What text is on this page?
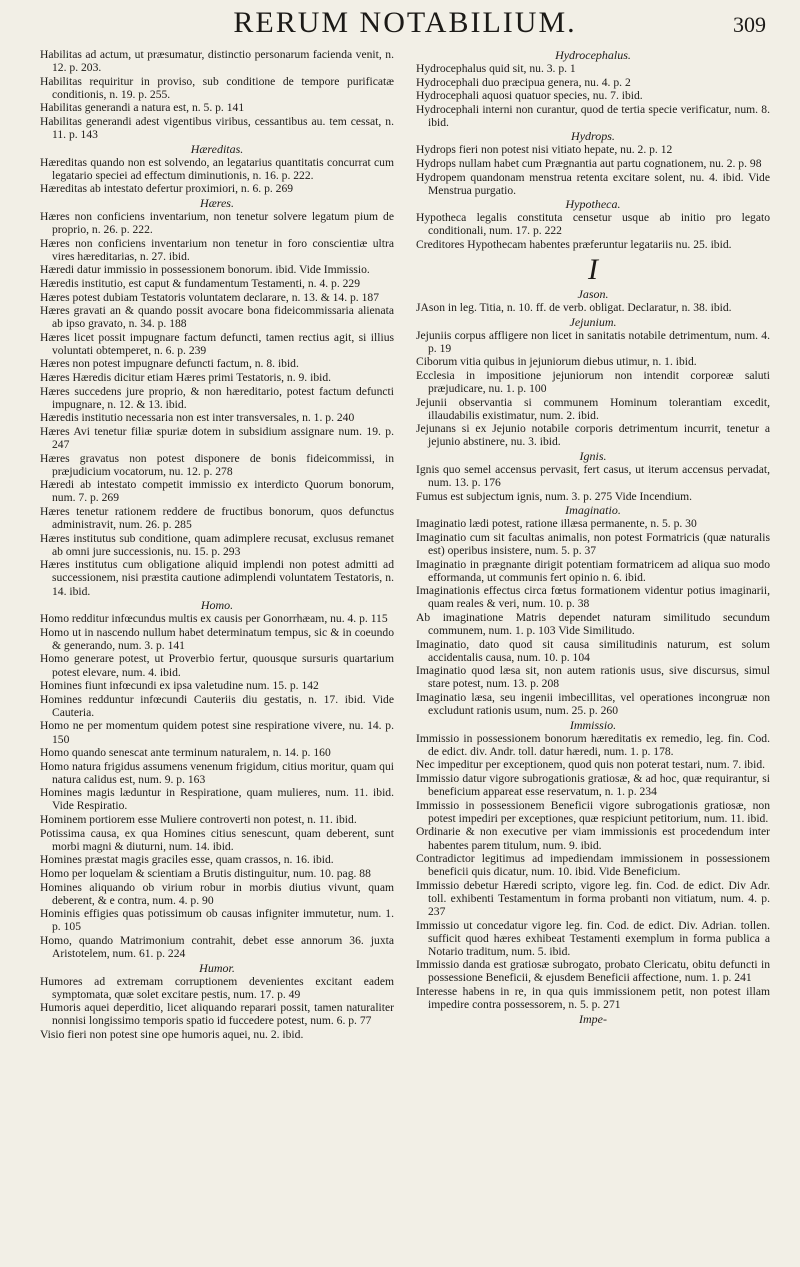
RERUM NOTABILIUM.	309

Habilitas ad actum, ut præsumatur, distinctio personarum facienda venit, n. 12. p. 203.

Habilitas requiritur in proviso, sub conditione de tempore purificatæ conditionis, n. 19. p. 255.

Habilitas generandi a natura est, n. 5. p. 141

Habilitas generandi adest vigentibus viribus, cessantibus au. tem cessat, n. 11. p. 143

Hæreditas.

Hæreditas quando non est solvendo, an legatarius quantitatis concurrat cum legatario speciei ad effectum diminutionis, n. 16. p. 222.

Hæreditas ab intestato defertur proximiori, n. 6. p. 269

Hæres.

Hæres non conficiens inventarium, non tenetur solvere legatum pium de proprio, n. 26. p. 222.

Hæres non conficiens inventarium non tenetur in foro conscientiæ ultra vires hæreditarias, n. 27. ibid.

Hæredi datur immissio in possessionem bonorum. ibid. Vide Immissio.

Hæredis institutio, est caput & fundamentum Testamenti, n. 4. p. 229

Hæres potest dubiam Testatoris voluntatem declarare, n. 13. & 14. p. 187

Hæres gravati an & quando possit avocare bona fideicommissaria alienata ab ipso gravato, n. 34. p. 188

Hæres licet possit impugnare factum defuncti, tamen rectius agit, si illius voluntati obtemperet, n. 6. p. 239

Hæres non potest impugnare defuncti factum, n. 8. ibid.

Hæres Hæredis dicitur etiam Hæres primi Testatoris, n. 9. ibid.

Hæres succedens jure proprio, & non hæreditario, potest factum defuncti impugnare, n. 12. & 13. ibid.

Hæredis institutio necessaria non est inter transversales, n. 1. p. 240

Hæres Avi tenetur filiæ spuriæ dotem in subsidium assignare num. 19. p. 247

Hæres gravatus non potest disponere de bonis fideicommissi, in præjudicium vocatorum, nu. 12. p. 278

Hæredi ab intestato competit immissio ex interdicto Quorum bonorum, num. 7. p. 269

Hæres tenetur rationem reddere de fructibus bonorum, quos defunctus administravit, num. 26. p. 285

Hæres institutus sub conditione, quam adimplere recusat, exclusus remanet ab omni jure successionis, nu. 15. p. 293

Hæres institutus cum obligatione aliquid implendi non potest admitti ad successionem, nisi præstita cautione adimplendi voluntatem Testatoris, n. 14. ibid.

Homo.

Homo redditur infœcundus multis ex causis per Gonorrhæam, nu. 4. p. 115

Homo ut in nascendo nullum habet determinatum tempus, sic & in coeundo & generando, num. 3. p. 141

Homo generare potest, ut Proverbio fertur, quousque sursuris quartarium potest elevare, num. 4. ibid.

Homines fiunt infœcundi ex ipsa valetudine num. 15. p. 142

Homines redduntur infœcundi Cauteriis diu gestatis, n. 17. ibid. Vide Cauteria.

Homo ne per momentum quidem potest sine respiratione vivere, nu. 14. p. 150

Homo quando senescat ante terminum naturalem, n. 14. p. 160

Homo natura frigidus assumens venenum frigidum, citius moritur, quam qui natura calidus est, num. 9. p. 163

Homines magis læduntur in Respiratione, quam mulieres, num. 11. ibid. Vide Respiratio.

Hominem portiorem esse Muliere controverti non potest, n. 11. ibid.

Potissima causa, ex qua Homines citius senescunt, quam deberent, sunt morbi magni & diuturni, num. 14. ibid.

Homines præstat magis graciles esse, quam crassos, n. 16. ibid.

Homo per loquelam & scientiam a Brutis distinguitur, num. 10. pag. 88

Homines aliquando ob virium robur in morbis diutius vivunt, quam deberent, & e contra, num. 4. p. 90

Hominis effigies quas potissimum ob causas infigniter immutetur, num. 1. p. 105

Homo, quando Matrimonium contrahit, debet esse annorum 36. juxta Aristotelem, num. 61. p. 224

Humor.

Humores ad extremam corruptionem devenientes excitant eadem symptomata, quæ solet excitare pestis, num. 17. p. 49

Humoris aquei deperditio, licet aliquando reparari possit, tamen naturaliter nonnisi longissimo temporis spatio id fuccedere potest, num. 6. p. 77

Visio fieri non potest sine ope humoris aquei, nu. 2. ibid.

Hydrocephalus.

Hydrocephalus quid sit, nu. 3. p. 1

Hydrocephali duo præcipua genera, nu. 4. p. 2

Hydrocephali aquosi quatuor species, nu. 7. ibid.

Hydrocephali interni non curantur, quod de tertia specie verificatur, num. 8. ibid.

Hydrops.

Hydrops fieri non potest nisi vitiato hepate, nu. 2. p. 12

Hydrops nullam habet cum Prægnantia aut partu cognationem, nu. 2. p. 98

Hydropem quandonam menstrua retenta excitare solent, nu. 4. ibid. Vide Menstrua purgatio.

Hypotheca.

Hypotheca legalis constituta censetur usque ab initio pro legato conditionali, num. 17. p. 222

Creditores Hypothecam habentes præferuntur legatariis nu. 25. ibid.

I

Jason.

JAson in leg. Titia, n. 10. ff. de verb. obligat. Declaratur, n. 38. ibid.

Jejunium.

Jejuniis corpus affligere non licet in sanitatis notabile detrimentum, num. 4. p. 19

Ciborum vitia quibus in jejuniorum diebus utimur, n. 1. ibid.

Ecclesia in impositione jejuniorum non intendit corporeæ saluti præjudicare, nu. 1. p. 100

Jejunii observantia si communem Hominum tolerantiam excedit, illaudabilis existimatur, num. 2. ibid.

Jejunans si ex Jejunio notabile corporis detrimentum incurrit, tenetur a jejunio abstinere, nu. 3. ibid.

Ignis.

Ignis quo semel accensus pervasit, fert casus, ut iterum accensus pervadat, num. 13. p. 176

Fumus est subjectum ignis, num. 3. p. 275 Vide Incendium.

Imaginatio.

Imaginatio lædi potest, ratione illæsa permanente, n. 5. p. 30

Imaginatio cum sit facultas animalis, non potest Formatricis (quæ naturalis est) operibus insistere, num. 5. p. 37

Imaginatio in prægnante dirigit potentiam formatricem ad aliqua suo modo efformanda, ut communis fert opinio n. 6. ibid.

Imaginationis effectus circa fœtus formationem videntur potius imaginarii, quam reales & veri, num. 10. p. 38

Ab imaginatione Matris dependet naturam similitudo secundum communem, num. 1. p. 103 Vide Similitudo.

Imaginatio, dato quod sit causa similitudinis naturum, est solum accidentalis causa, num. 10. p. 104

Imaginatio quod læsa sit, non autem rationis usus, sive discursus, simul stare potest, num. 13. p. 208

Imaginatio læsa, seu ingenii imbecillitas, vel operationes incongruæ non excludunt rationis usum, num. 25. p. 260

Immissio.

Immissio in possessionem bonorum hæreditatis ex remedio, leg. fin. Cod. de edict. div. Andr. toll. datur hæredi, num. 1. p. 178.

Nec impeditur per exceptionem, quod quis non poterat testari, num. 7. ibid.

Immissio datur vigore subrogationis gratiosæ, & ad hoc, quæ requirantur, si beneficium appareat esse reservatum, n. 1. p. 234

Immissio in possessionem Beneficii vigore subrogationis gratiosæ, non potest impediri per exceptiones, quæ respiciunt petitorium, num. 11. ibid.

Ordinarie & non executive per viam immissionis est procedendum inter habentes parem titulum, num. 9. ibid.

Contradictor legitimus ad impediendam immissionem in possessionem beneficii quis dicatur, num. 10. ibid. Vide Beneficium.

Immissio debetur Hæredi scripto, vigore leg. fin. Cod. de edict. Div Adr. toll. exhibenti Testamentum in forma probanti non vitiatum, num. 4. p. 237

Immissio ut concedatur vigore leg. fin. Cod. de edict. Div. Adrian. tollen. sufficit quod hæres exhibeat Testamenti exemplum in forma publica a Notario traditum, num. 5. ibid.

Immissio danda est gratiosæ subrogato, probato Clericatu, obitu defuncti in possessione Beneficii, & ejusdem Beneficii affectione, num. 1. p. 241

Interesse habens in re, in qua quis immissionem petit, non potest illam impedire contra possessorem, n. 5. p. 271

Impe-
